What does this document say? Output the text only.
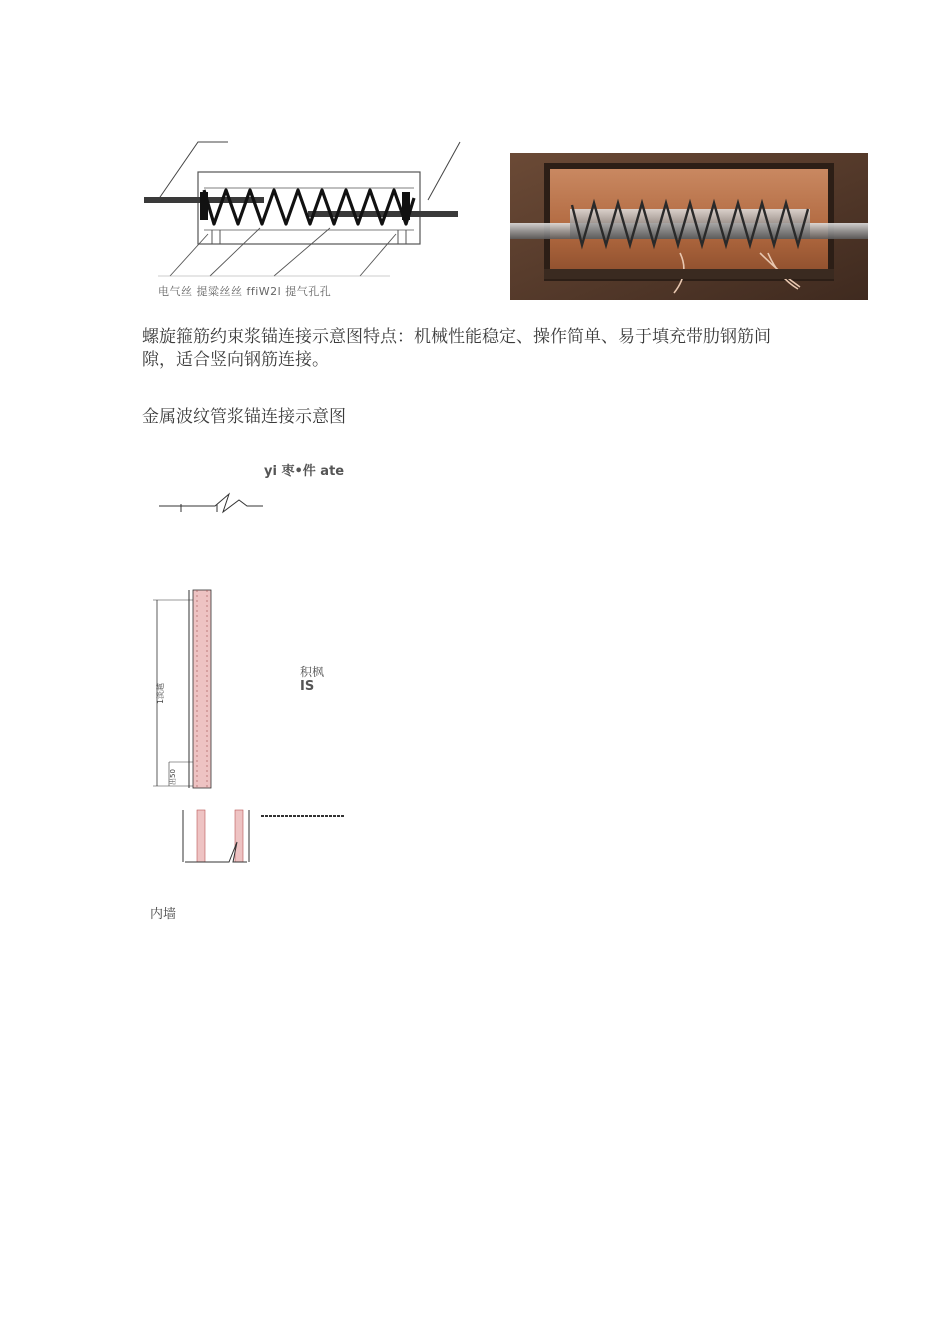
电气丝 提粱丝丝 ffiW2l 提气孔孔
螺旋箍筋约束浆锚连接示意图特点：机械性能稳定、操作简单、易于填充带肋钢筋间隙，适合竖向钢筋连接。
金属波纹管浆锚连接示意图
yi 枣•件 ate
1淡越
出50
积枫
IS
内墙
